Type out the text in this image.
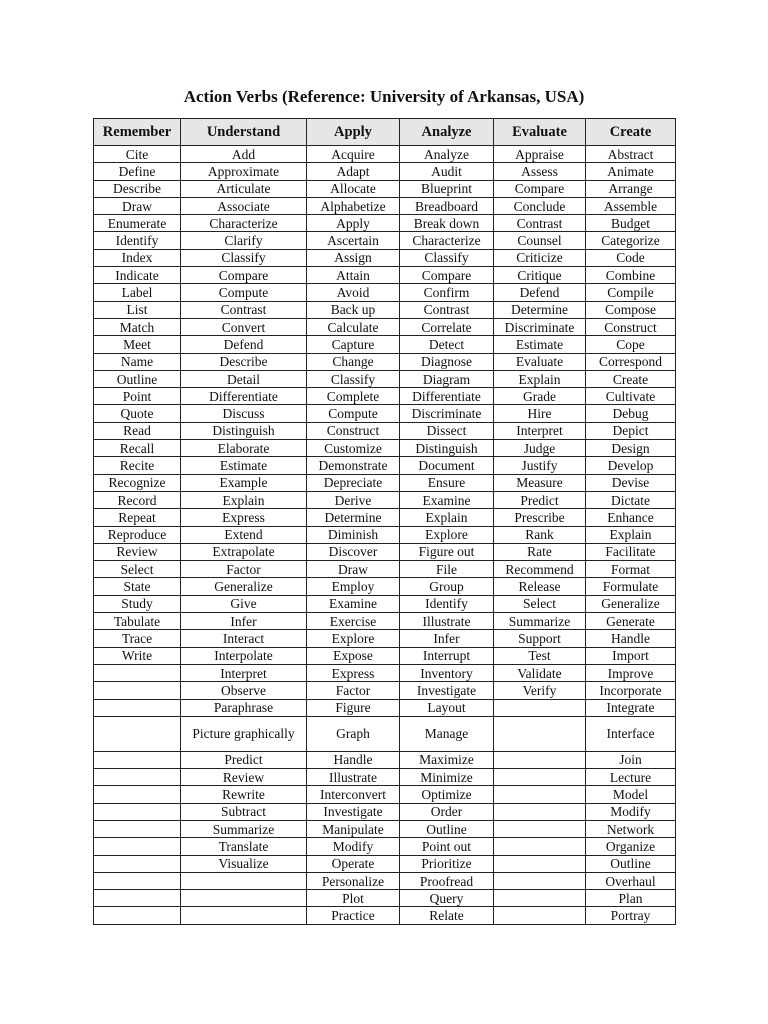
Action Verbs (Reference: University of Arkansas, USA)
Remember	Understand	Apply	Analyze	Evaluate	Create
Cite	Add	Acquire	Analyze	Appraise	Abstract
Define	Approximate	Adapt	Audit	Assess	Animate
Describe	Articulate	Allocate	Blueprint	Compare	Arrange
Draw	Associate	Alphabetize	Breadboard	Conclude	Assemble
Enumerate	Characterize	Apply	Break down	Contrast	Budget
Identify	Clarify	Ascertain	Characterize	Counsel	Categorize
Index	Classify	Assign	Classify	Criticize	Code
Indicate	Compare	Attain	Compare	Critique	Combine
Label	Compute	Avoid	Confirm	Defend	Compile
List	Contrast	Back up	Contrast	Determine	Compose
Match	Convert	Calculate	Correlate	Discriminate	Construct
Meet	Defend	Capture	Detect	Estimate	Cope
Name	Describe	Change	Diagnose	Evaluate	Correspond
Outline	Detail	Classify	Diagram	Explain	Create
Point	Differentiate	Complete	Differentiate	Grade	Cultivate
Quote	Discuss	Compute	Discriminate	Hire	Debug
Read	Distinguish	Construct	Dissect	Interpret	Depict
Recall	Elaborate	Customize	Distinguish	Judge	Design
Recite	Estimate	Demonstrate	Document	Justify	Develop
Recognize	Example	Depreciate	Ensure	Measure	Devise
Record	Explain	Derive	Examine	Predict	Dictate
Repeat	Express	Determine	Explain	Prescribe	Enhance
Reproduce	Extend	Diminish	Explore	Rank	Explain
Review	Extrapolate	Discover	Figure out	Rate	Facilitate
Select	Factor	Draw	File	Recommend	Format
State	Generalize	Employ	Group	Release	Formulate
Study	Give	Examine	Identify	Select	Generalize
Tabulate	Infer	Exercise	Illustrate	Summarize	Generate
Trace	Interact	Explore	Infer	Support	Handle
Write	Interpolate	Expose	Interrupt	Test	Import
	Interpret	Express	Inventory	Validate	Improve
	Observe	Factor	Investigate	Verify	Incorporate
	Paraphrase	Figure	Layout		Integrate
	Picture graphically	Graph	Manage		Interface
	Predict	Handle	Maximize		Join
	Review	Illustrate	Minimize		Lecture
	Rewrite	Interconvert	Optimize		Model
	Subtract	Investigate	Order		Modify
	Summarize	Manipulate	Outline		Network
	Translate	Modify	Point out		Organize
	Visualize	Operate	Prioritize		Outline
		Personalize	Proofread		Overhaul
		Plot	Query		Plan
		Practice	Relate		Portray
